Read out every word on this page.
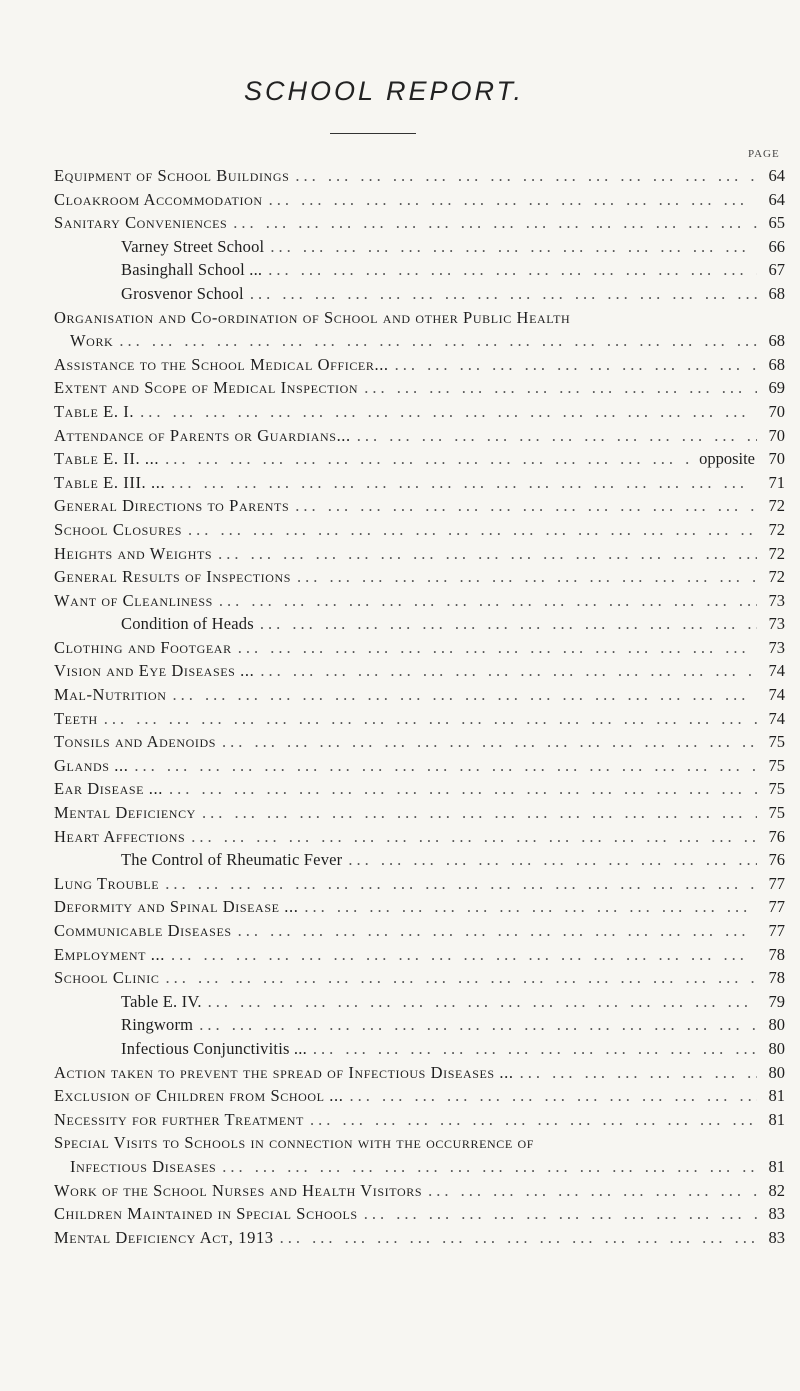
SCHOOL REPORT.
PAGE
Equipment of School Buildings ... .	64
Cloakroom Accommodation ... .	64
Sanitary Conveniences ... .	65
Varney Street School ... .	66
Basinghall School ... ... .	67
Grosvenor School ... .	68
Organisation and Co-ordination of School and other Public Health
Work ... .	68
Assistance to the School Medical Officer... ... .	68
Extent and Scope of Medical Inspection ... .	69
Table E. I. ... .	70
Attendance of Parents or Guardians... ... .	70
Table E. II. ... ... .	opposite 70
Table E. III. ... ... .	71
General Directions to Parents ... .	72
School Closures ... .	72
Heights and Weights ... .	72
General Results of Inspections ... .	72
Want of Cleanliness ... .	73
Condition of Heads ... .	73
Clothing and Footgear ... .	73
Vision and Eye Diseases ... ... .	74
Mal-Nutrition ... .	74
Teeth ... .	74
Tonsils and Adenoids ... .	75
Glands ... ... .	75
Ear Disease ... ... .	75
Mental Deficiency ... .	75
Heart Affections ... .	76
The Control of Rheumatic Fever ... .	76
Lung Trouble ... .	77
Deformity and Spinal Disease ... ... .	77
Communicable Diseases ... .	77
Employment ... ... .	78
School Clinic ... .	78
Table E. IV. ... .	79
Ringworm ... .	80
Infectious Conjunctivitis ... ... .	80
Action taken to prevent the spread of Infectious Diseases ... ... .	80
Exclusion of Children from School ... ... .	81
Necessity for further Treatment ... .	81
Special Visits to Schools in connection with the occurrence of
Infectious Diseases ... .	81
Work of the School Nurses and Health Visitors ... .	82
Children Maintained in Special Schools ... .	83
Mental Deficiency Act, 1913 ... .	83
